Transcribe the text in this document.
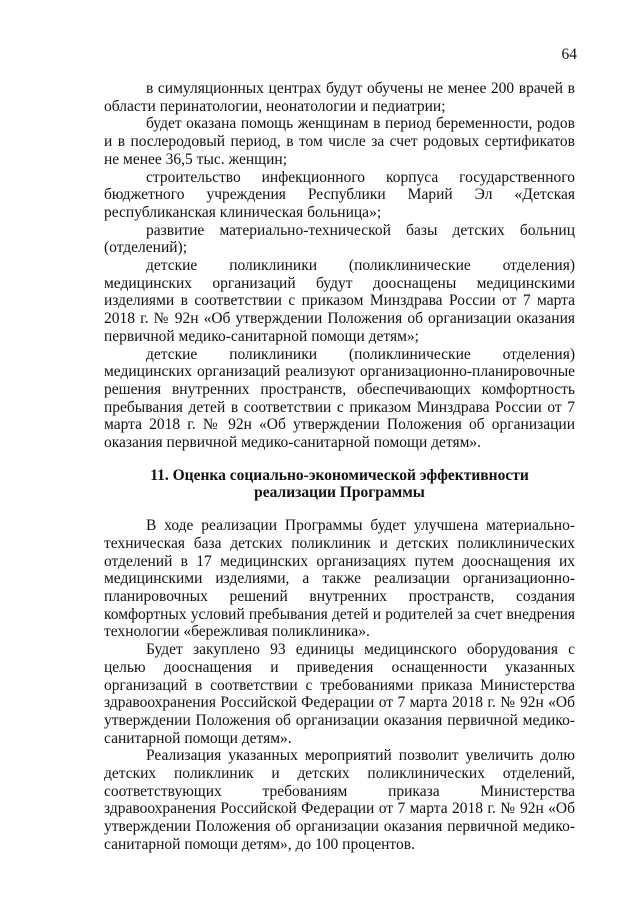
64

в симуляционных центрах будут обучены не менее 200 врачей в области перинатологии, неонатологии и педиатрии;

будет оказана помощь женщинам в период беременности, родов и в послеродовый период, в том числе за счет родовых сертификатов не менее 36,5 тыс. женщин;

строительство инфекционного корпуса государственного бюджетного учреждения Республики Марий Эл «Детская республиканская клиническая больница»;

развитие материально-технической базы детских больниц (отделений);

детские поликлиники (поликлинические отделения) медицинских организаций будут дооснащены медицинскими изделиями в соответствии с приказом Минздрава России от 7 марта 2018 г. № 92н «Об утверждении Положения об организации оказания первичной медико-санитарной помощи детям»;

детские поликлиники (поликлинические отделения) медицинских организаций реализуют организационно-планировочные решения внутренних пространств, обеспечивающих комфортность пребывания детей в соответствии с приказом Минздрава России от 7 марта 2018 г. № 92н «Об утверждении Положения об организации оказания первичной медико-санитарной помощи детям».

11. Оценка социально-экономической эффективности
реализации Программы

В ходе реализации Программы будет улучшена материально-техническая база детских поликлиник и детских поликлинических отделений в 17 медицинских организациях путем дооснащения их медицинскими изделиями, а также реализации организационно-планировочных решений внутренних пространств, создания комфортных условий пребывания детей и родителей за счет внедрения технологии «бережливая поликлиника».

Будет закуплено 93 единицы медицинского оборудования с целью дооснащения и приведения оснащенности указанных организаций в соответствии с требованиями приказа Министерства здравоохранения Российской Федерации от 7 марта 2018 г. № 92н «Об утверждении Положения об организации оказания первичной медико-санитарной помощи детям».

Реализация указанных мероприятий позволит увеличить долю детских поликлиник и детских поликлинических отделений, соответствующих требованиям приказа Министерства здравоохранения Российской Федерации от 7 марта 2018 г. № 92н «Об утверждении Положения об организации оказания первичной медико-санитарной помощи детям», до 100 процентов.
